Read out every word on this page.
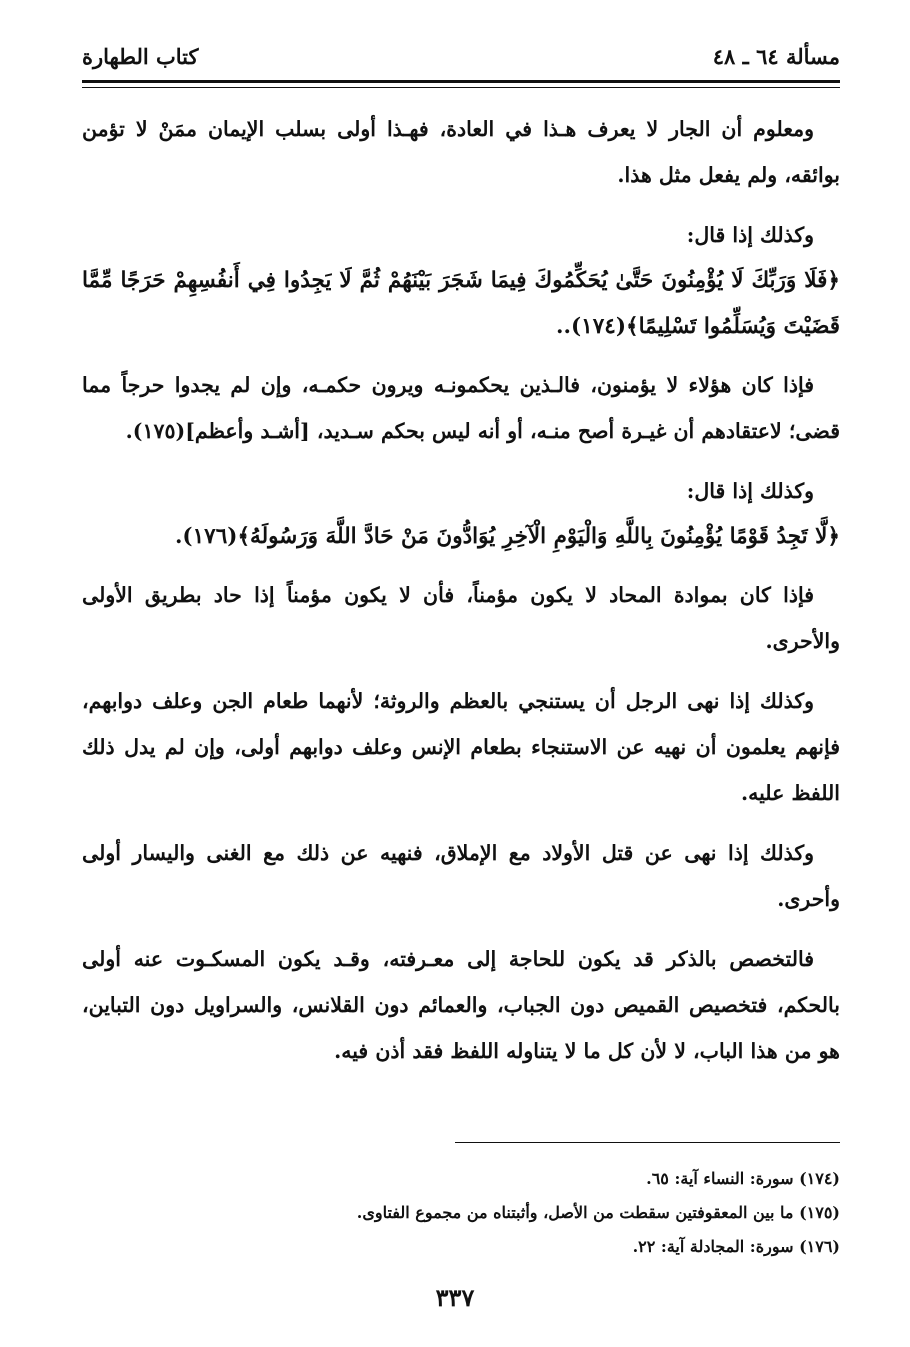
مسألة ٦٤ ـ ٤٨
كتاب الطهارة

ومعلوم أن الجار لا يعرف هـذا في العادة، فهـذا أولى بسلب الإيمان ممَنْ لا تؤمن بوائقه، ولم يفعل مثل هذا.

وكذلك إذا قال:

﴿فَلَا وَرَبِّكَ لَا يُؤْمِنُونَ حَتَّىٰ يُحَكِّمُوكَ فِيمَا شَجَرَ بَيْنَهُمْ ثُمَّ لَا يَجِدُوا فِي أَنفُسِهِمْ حَرَجًا مِّمَّا قَضَيْتَ وَيُسَلِّمُوا تَسْلِيمًا﴾(١٧٤)..

فإذا كان هؤلاء لا يؤمنون، فالـذين يحكمونـه ويرون حكمـه، وإن لم يجدوا حرجاً مما قضى؛ لاعتقادهم أن غيـرة أصح منـه، أو أنه ليس بحكم سـديد، [أشـد وأعظم](١٧٥).

وكذلك إذا قال:

﴿لَّا تَجِدُ قَوْمًا يُؤْمِنُونَ بِاللَّهِ وَالْيَوْمِ الْآخِرِ يُوَادُّونَ مَنْ حَادَّ اللَّهَ وَرَسُولَهُ﴾(١٧٦).

فإذا كان بموادة المحاد لا يكون مؤمناً، فأن لا يكون مؤمناً إذا حاد بطريق الأولى والأحرى.

وكذلك إذا نهى الرجل أن يستنجي بالعظم والروثة؛ لأنهما طعام الجن وعلف دوابهم، فإنهم يعلمون أن نهيه عن الاستنجاء بطعام الإنس وعلف دوابهم أولى، وإن لم يدل ذلك اللفظ عليه.

وكذلك إذا نهى عن قتل الأولاد مع الإملاق، فنهيه عن ذلك مع الغنى واليسار أولى وأحرى.

فالتخصص بالذكر قد يكون للحاجة إلى معـرفته، وقـد يكون المسكـوت عنه أولى بالحكم، فتخصيص القميص دون الجباب، والعمائم دون القلانس، والسراويل دون التباين، هو من هذا الباب، لا لأن كل ما لا يتناوله اللفظ فقد أذن فيه.

(١٧٤) سورة: النساء آية: ٦٥.

(١٧٥) ما بين المعقوفتين سقطت من الأصل، وأثبتناه من مجموع الفتاوى.

(١٧٦) سورة: المجادلة آية: ٢٢.

٣٣٧
